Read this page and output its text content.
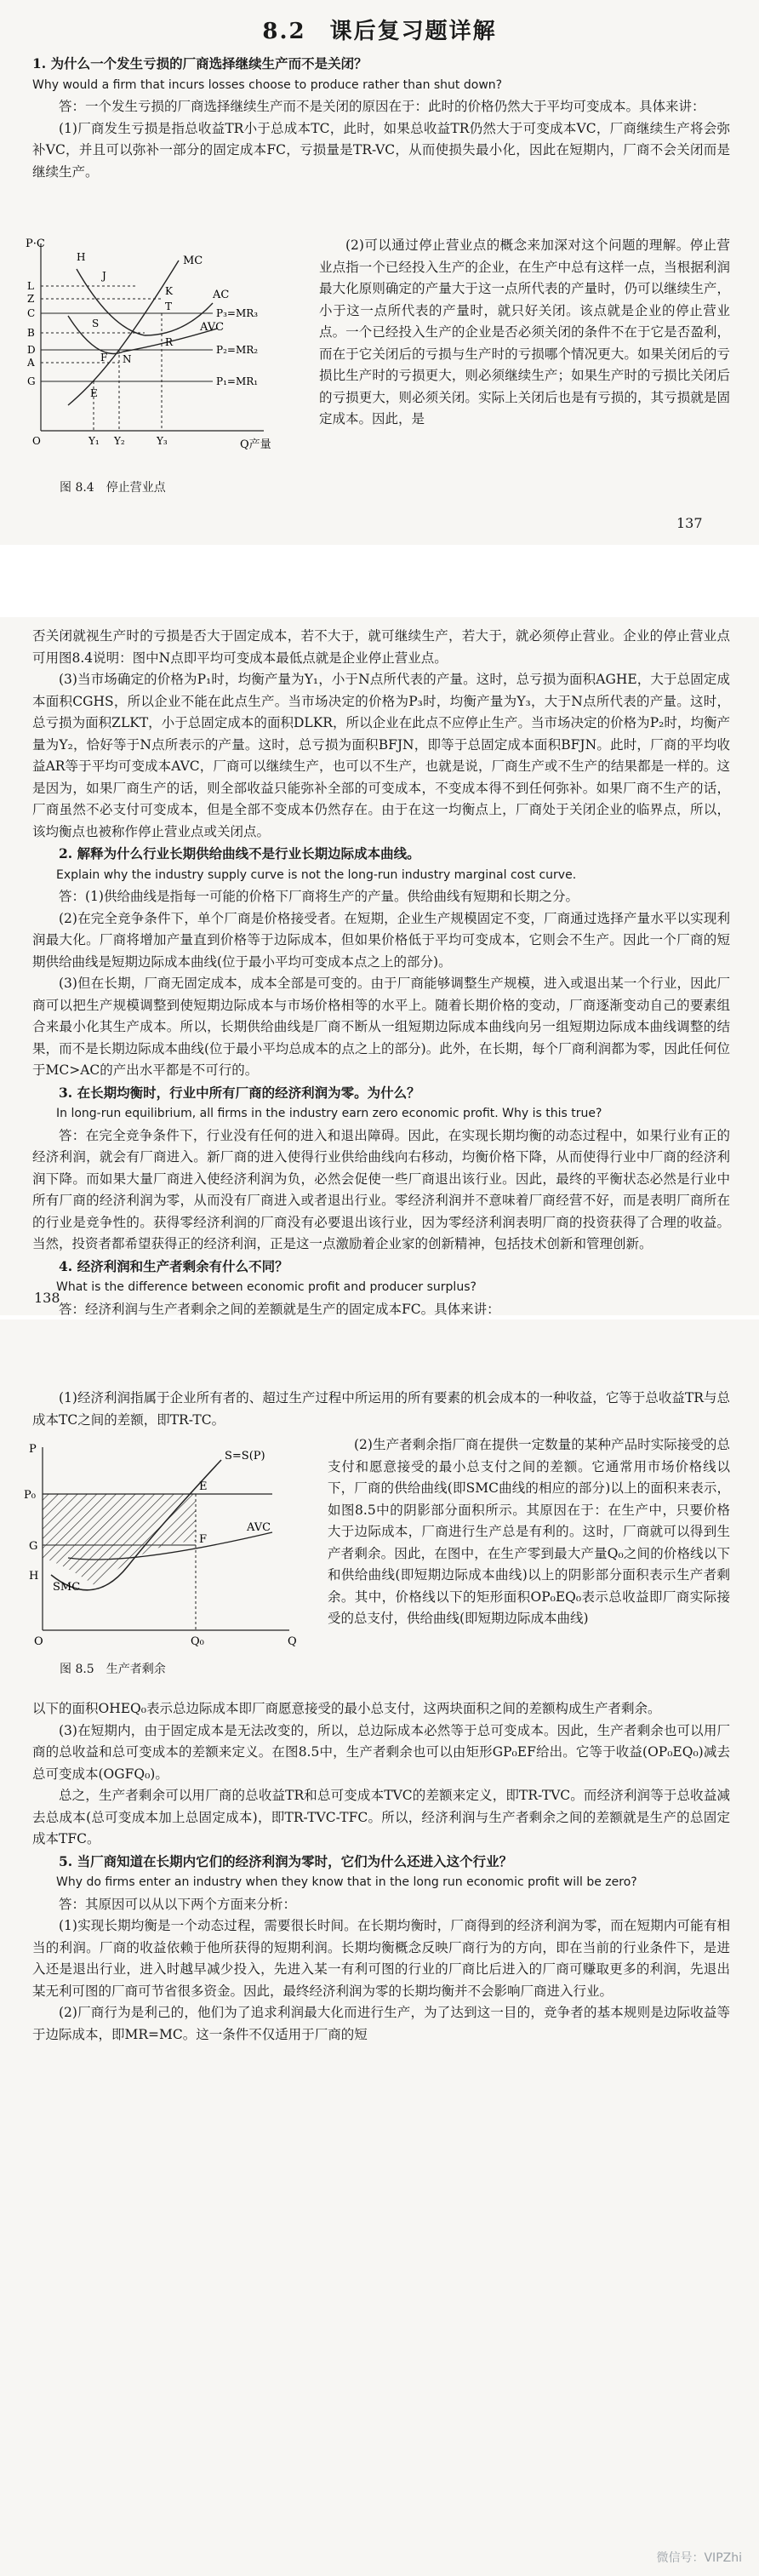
8.2　课后复习题详解

1. 为什么一个发生亏损的厂商选择继续生产而不是关闭？

Why would a firm that incurs losses choose to produce rather than shut down?

答：一个发生亏损的厂商选择继续生产而不是关闭的原因在于：此时的价格仍然大于平均可变成本。具体来讲：

(1)厂商发生亏损是指总收益TR小于总成本TC，此时，如果总收益TR仍然大于可变成本VC，厂商继续生产将会弥补VC，并且可以弥补一部分的固定成本FC，亏损量是TR-VC，从而使损失最小化，因此在短期内，厂商不会关闭而是继续生产。

P·C
Q产量
P₃=MR₃
P₂=MR₂
P₁=MR₁
MC
AC
AVC
L
Z
C
B
A
D
G
H
J
K
T
S
F N
R
E
O	Y₁ Y₂	Y₃
图 8.4　停止营业点

(2)可以通过停止营业点的概念来加深对这个问题的理解。停止营业点指一个已经投入生产的企业，在生产中总有这样一点，当根据利润最大化原则确定的产量大于这一点所代表的产量时，仍可以继续生产，小于这一点所代表的产量时，就只好关闭。该点就是企业的停止营业点。一个已经投入生产的企业是否必须关闭的条件不在于它是否盈利，而在于它关闭后的亏损与生产时的亏损哪个情况更大。如果关闭后的亏损比生产时的亏损更大，则必须继续生产；如果生产时的亏损比关闭后的亏损更大，则必须关闭。实际上关闭后也是有亏损的，其亏损就是固定成本。因此，是

137

否关闭就视生产时的亏损是否大于固定成本，若不大于，就可继续生产，若大于，就必须停止营业。企业的停止营业点可用图8.4说明：图中N点即平均可变成本最低点就是企业停止营业点。

(3)当市场确定的价格为P₁时，均衡产量为Y₁，小于N点所代表的产量。这时，总亏损为面积AGHE，大于总固定成本面积CGHS，所以企业不能在此点生产。当市场决定的价格为P₃时，均衡产量为Y₃，大于N点所代表的产量。这时，总亏损为面积ZLKT，小于总固定成本的面积DLKR，所以企业在此点不应停止生产。当市场决定的价格为P₂时，均衡产量为Y₂，恰好等于N点所表示的产量。这时，总亏损为面积BFJN，即等于总固定成本面积BFJN。此时，厂商的平均收益AR等于平均可变成本AVC，厂商可以继续生产，也可以不生产，也就是说，厂商生产或不生产的结果都是一样的。这是因为，如果厂商生产的话，则全部收益只能弥补全部的可变成本，不变成本得不到任何弥补。如果厂商不生产的话，厂商虽然不必支付可变成本，但是全部不变成本仍然存在。由于在这一均衡点上，厂商处于关闭企业的临界点，所以，该均衡点也被称作停止营业点或关闭点。

2. 解释为什么行业长期供给曲线不是行业长期边际成本曲线。

Explain why the industry supply curve is not the long-run industry marginal cost curve.

答：(1)供给曲线是指每一可能的价格下厂商将生产的产量。供给曲线有短期和长期之分。

(2)在完全竞争条件下，单个厂商是价格接受者。在短期，企业生产规模固定不变，厂商通过选择产量水平以实现利润最大化。厂商将增加产量直到价格等于边际成本，但如果价格低于平均可变成本，它则会不生产。因此一个厂商的短期供给曲线是短期边际成本曲线(位于最小平均可变成本点之上的部分)。

(3)但在长期，厂商无固定成本，成本全部是可变的。由于厂商能够调整生产规模，进入或退出某一个行业，因此厂商可以把生产规模调整到使短期边际成本与市场价格相等的水平上。随着长期价格的变动，厂商逐渐变动自己的要素组合来最小化其生产成本。所以，长期供给曲线是厂商不断从一组短期边际成本曲线向另一组短期边际成本曲线调整的结果，而不是长期边际成本曲线(位于最小平均总成本的点之上的部分)。此外，在长期，每个厂商利润都为零，因此任何位于MC>AC的产出水平都是不可行的。

3. 在长期均衡时，行业中所有厂商的经济利润为零。为什么？

In long-run equilibrium, all firms in the industry earn zero economic profit. Why is this true?

答：在完全竞争条件下，行业没有任何的进入和退出障碍。因此，在实现长期均衡的动态过程中，如果行业有正的经济利润，就会有厂商进入。新厂商的进入使得行业供给曲线向右移动，均衡价格下降，从而使得行业中厂商的经济利润下降。而如果大量厂商进入使经济利润为负，必然会促使一些厂商退出该行业。因此，最终的平衡状态必然是行业中所有厂商的经济利润为零，从而没有厂商进入或者退出行业。零经济利润并不意味着厂商经营不好，而是表明厂商所在的行业是竞争性的。获得零经济利润的厂商没有必要退出该行业，因为零经济利润表明厂商的投资获得了合理的收益。当然，投资者都希望获得正的经济利润，正是这一点激励着企业家的创新精神，包括技术创新和管理创新。

4. 经济利润和生产者剩余有什么不同？

What is the difference between economic profit and producer surplus?

答：经济利润与生产者剩余之间的差额就是生产的固定成本FC。具体来讲：

138

(1)经济利润指属于企业所有者的、超过生产过程中所运用的所有要素的机会成本的一种收益，它等于总收益TR与总成本TC之间的差额，即TR-TC。

P
Q
S=S(P)
AVC
SMC
E
F
G
H
P₀
Q₀
O
图 8.5　生产者剩余

(2)生产者剩余指厂商在提供一定数量的某种产品时实际接受的总支付和愿意接受的最小总支付之间的差额。它通常用市场价格线以下，厂商的供给曲线(即SMC曲线的相应的部分)以上的面积来表示，如图8.5中的阴影部分面积所示。其原因在于：在生产中，只要价格大于边际成本，厂商进行生产总是有利的。这时，厂商就可以得到生产者剩余。因此，在图中，在生产零到最大产量Q₀之间的价格线以下和供给曲线(即短期边际成本曲线)以上的阴影部分面积表示生产者剩余。其中，价格线以下的矩形面积OP₀EQ₀表示总收益即厂商实际接受的总支付，供给曲线(即短期边际成本曲线)

以下的面积OHEQ₀表示总边际成本即厂商愿意接受的最小总支付，这两块面积之间的差额构成生产者剩余。

(3)在短期内，由于固定成本是无法改变的，所以，总边际成本必然等于总可变成本。因此，生产者剩余也可以用厂商的总收益和总可变成本的差额来定义。在图8.5中，生产者剩余也可以由矩形GP₀EF给出。它等于收益(OP₀EQ₀)减去总可变成本(OGFQ₀)。

总之，生产者剩余可以用厂商的总收益TR和总可变成本TVC的差额来定义，即TR-TVC。而经济利润等于总收益减去总成本(总可变成本加上总固定成本)，即TR-TVC-TFC。所以，经济利润与生产者剩余之间的差额就是生产的总固定成本TFC。

5. 当厂商知道在长期内它们的经济利润为零时，它们为什么还进入这个行业？

Why do firms enter an industry when they know that in the long run economic profit will be zero?

答：其原因可以从以下两个方面来分析：

(1)实现长期均衡是一个动态过程，需要很长时间。在长期均衡时，厂商得到的经济利润为零，而在短期内可能有相当的利润。厂商的收益依赖于他所获得的短期利润。长期均衡概念反映厂商行为的方向，即在当前的行业条件下，是进入还是退出行业，进入时越早减少投入，先进入某一有利可图的行业的厂商比后进入的厂商可赚取更多的利润，先退出某无利可图的厂商可节省很多资金。因此，最终经济利润为零的长期均衡并不会影响厂商进入行业。

(2)厂商行为是利己的，他们为了追求利润最大化而进行生产，为了达到这一目的，竞争者的基本规则是边际收益等于边际成本，即MR=MC。这一条件不仅适用于厂商的短

微信号：VIPZhi
